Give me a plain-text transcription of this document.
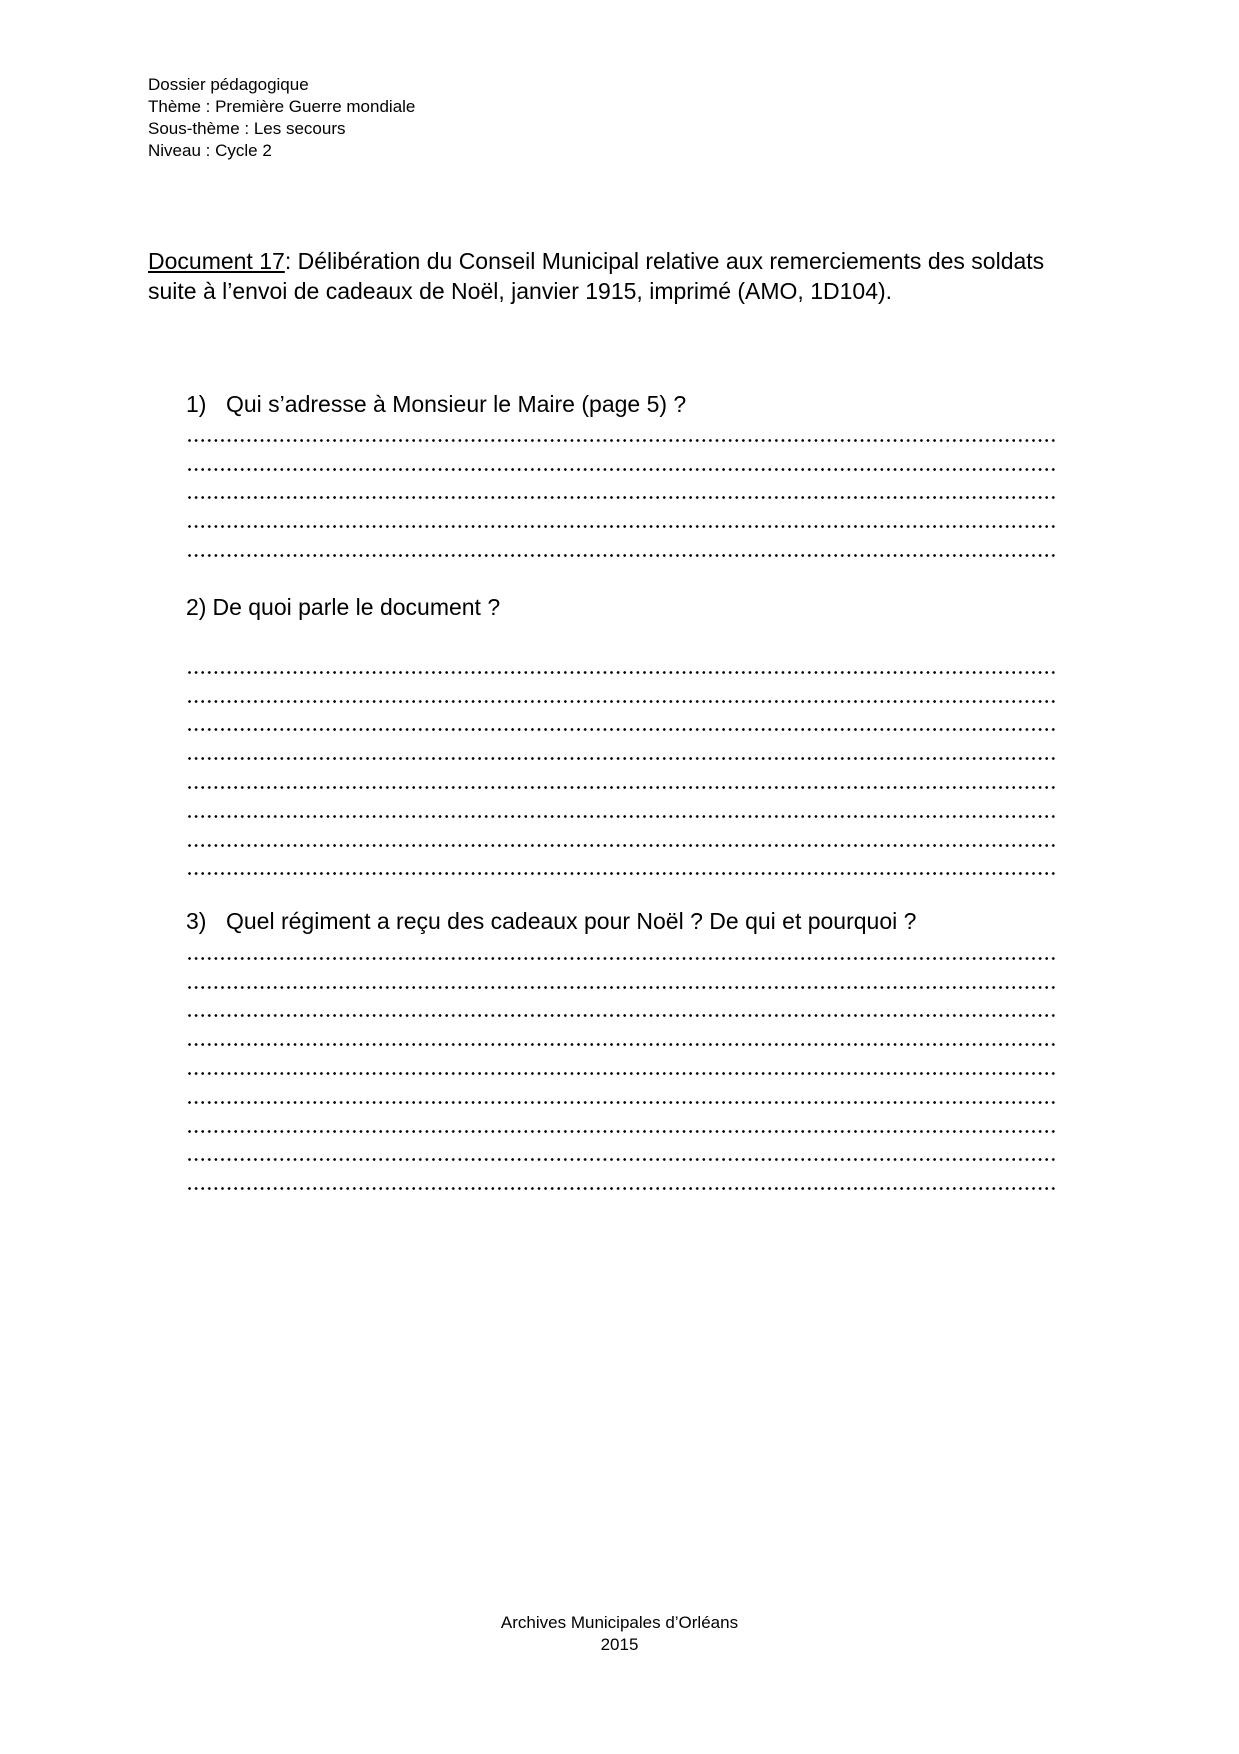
Dossier pédagogique
Thème : Première Guerre mondiale
Sous-thème : Les secours
Niveau : Cycle 2
Document 17: Délibération du Conseil Municipal relative aux remerciements des soldats suite à l’envoi de cadeaux de Noël, janvier 1915, imprimé (AMO, 1D104).
1) Qui s’adresse à Monsieur le Maire (page 5) ?
2) De quoi parle le document ?
3) Quel régiment a reçu des cadeaux pour Noël ? De qui et pourquoi ?
Archives Municipales d’Orléans
2015
